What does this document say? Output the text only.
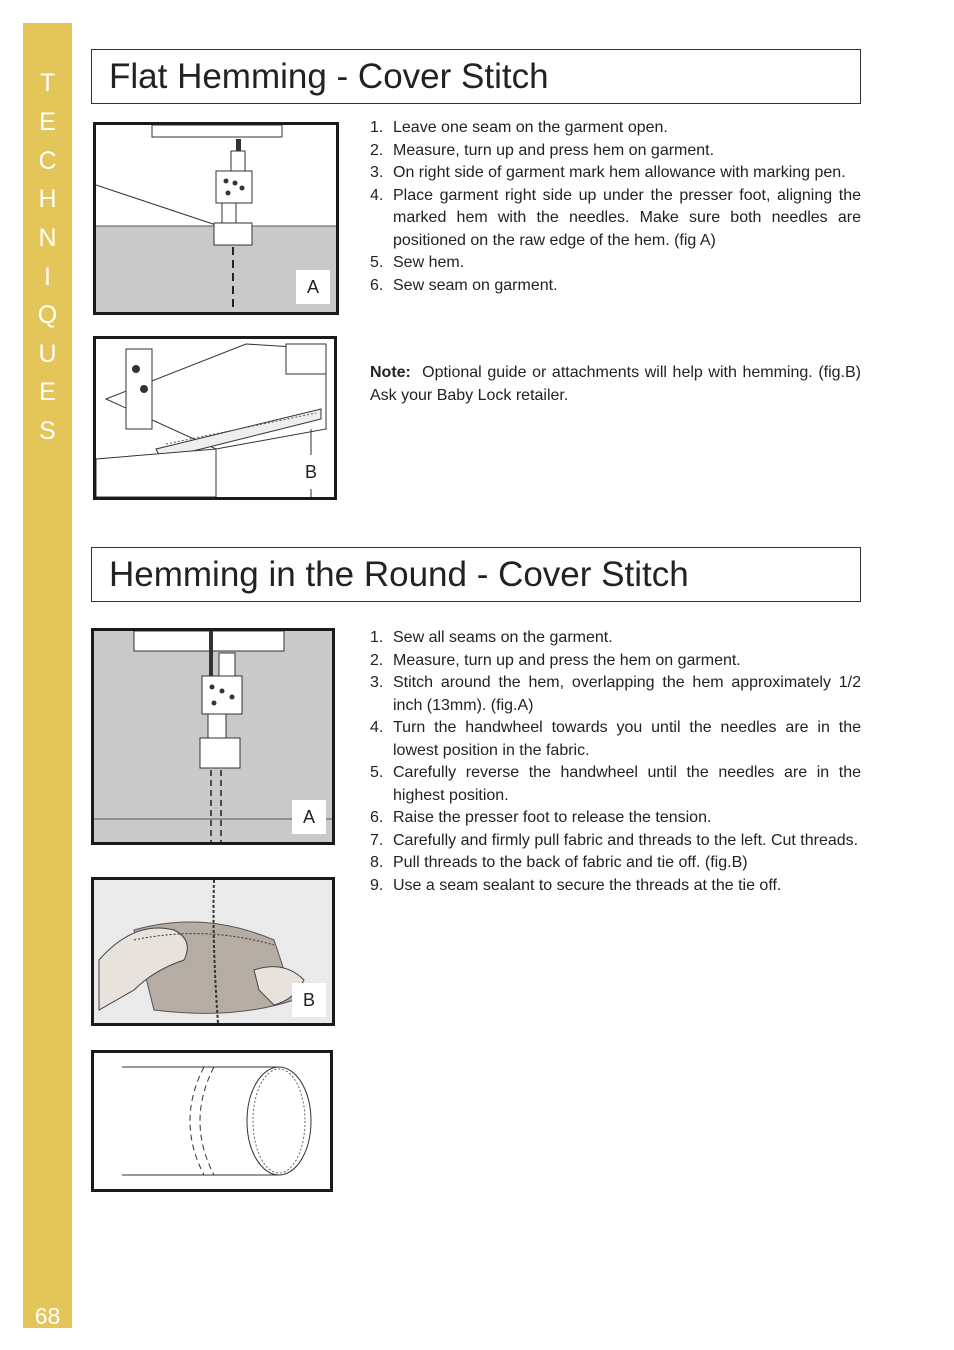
T
E
C
H
N
I
Q
U
E
S
68
Flat Hemming - Cover Stitch
A
B
1. Leave one seam on the garment open.
2. Measure, turn up and press hem on garment.
3. On right side of garment mark hem allowance with marking pen.
4. Place garment right side up under the presser foot, aligning the marked hem with the needles. Make sure both needles are positioned on the raw edge of the hem. (fig A)
5. Sew hem.
6. Sew seam on garment.
Note: Optional guide or attachments will help with hemming. (fig.B) Ask your Baby Lock retailer.
Hemming in the Round - Cover Stitch
A
B
1. Sew all seams on the garment.
2. Measure, turn up and press the hem on garment.
3. Stitch around the hem, overlapping the hem approximately 1/2 inch (13mm). (fig.A)
4. Turn the handwheel towards you until the needles are in the lowest position in the fabric.
5. Carefully reverse the handwheel until the needles are in the highest position.
6. Raise the presser foot to release the tension.
7. Carefully and firmly pull fabric and threads to the left. Cut threads.
8. Pull threads to the back of fabric and tie off. (fig.B)
9. Use a seam sealant to secure the threads at the tie off.
